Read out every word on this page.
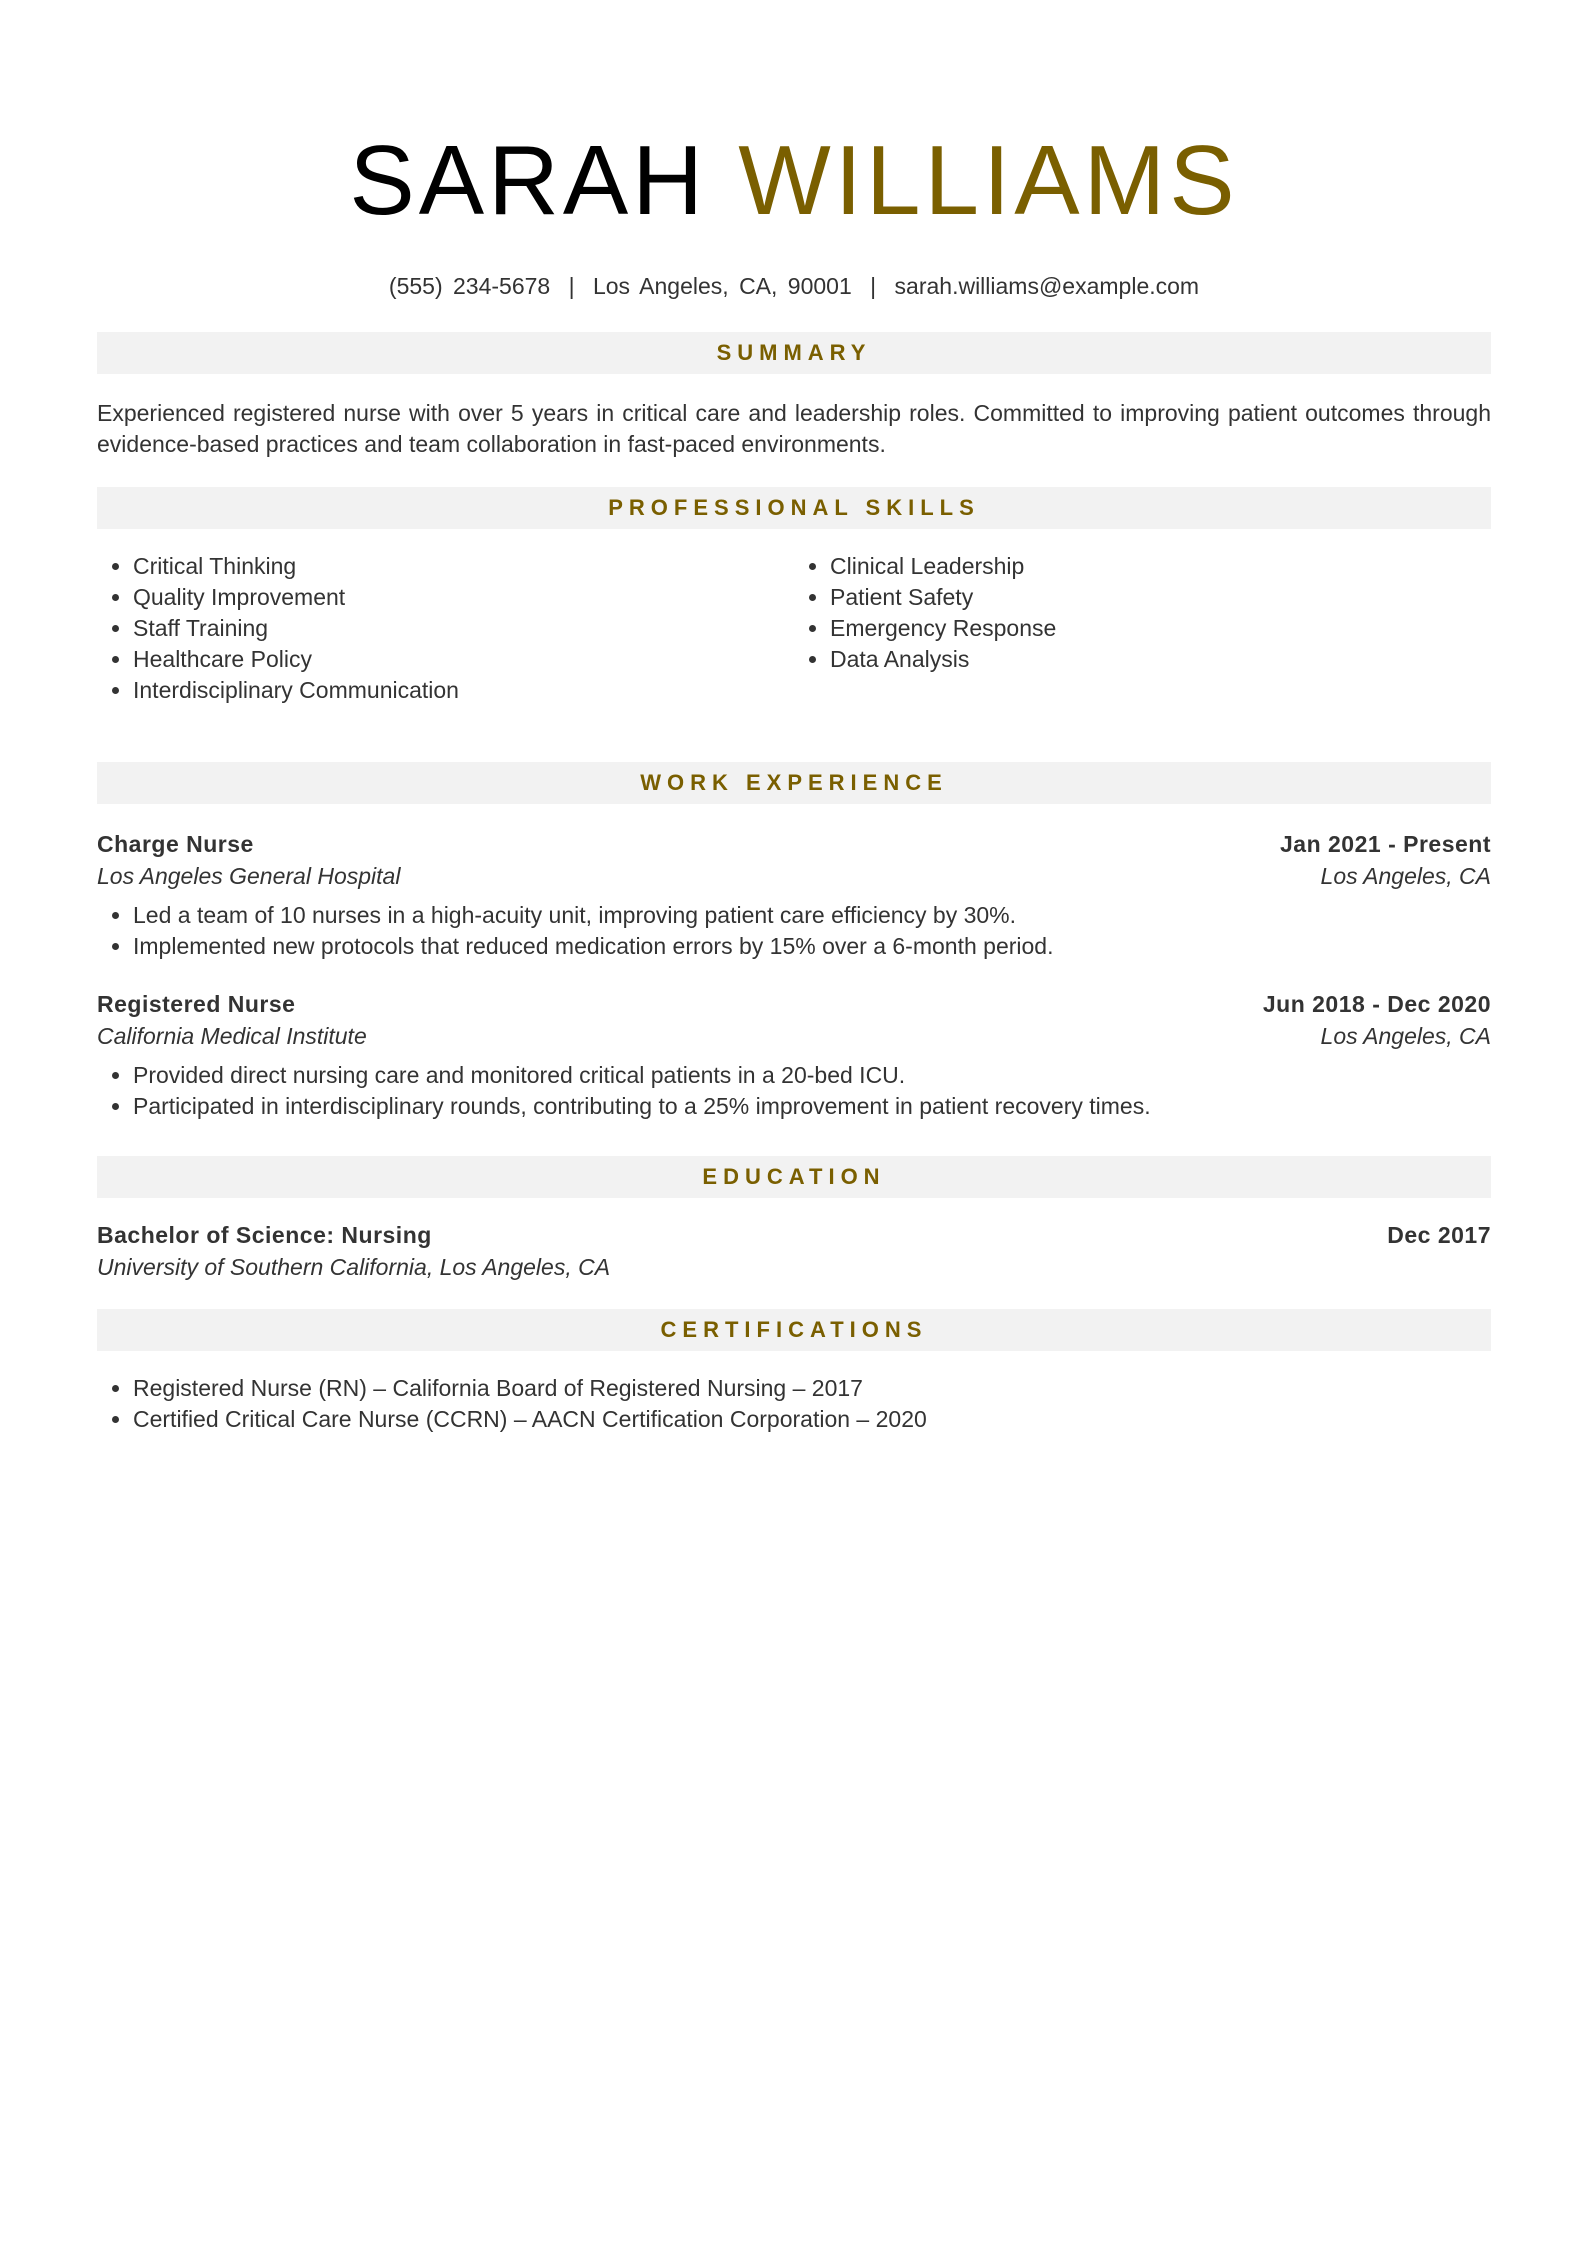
SARAH WILLIAMS
(555) 234-5678 | Los Angeles, CA, 90001 | sarah.williams@example.com
SUMMARY

Experienced registered nurse with over 5 years in critical care and leadership roles. Committed to improving patient outcomes through evidence-based practices and team collaboration in fast-paced environments.

PROFESSIONAL SKILLS
• Critical Thinking
• Quality Improvement
• Staff Training
• Healthcare Policy
• Interdisciplinary Communication
• Clinical Leadership
• Patient Safety
• Emergency Response
• Data Analysis
WORK EXPERIENCE
Charge Nurse	Jan 2021 - Present
Los Angeles General Hospital	Los Angeles, CA
• Led a team of 10 nurses in a high-acuity unit, improving patient care efficiency by 30%.
• Implemented new protocols that reduced medication errors by 15% over a 6-month period.
Registered Nurse	Jun 2018 - Dec 2020
California Medical Institute	Los Angeles, CA
• Provided direct nursing care and monitored critical patients in a 20-bed ICU.
• Participated in interdisciplinary rounds, contributing to a 25% improvement in patient recovery times.
EDUCATION
Bachelor of Science: Nursing	Dec 2017
University of Southern California, Los Angeles, CA
CERTIFICATIONS
• Registered Nurse (RN) – California Board of Registered Nursing – 2017
• Certified Critical Care Nurse (CCRN) – AACN Certification Corporation – 2020
